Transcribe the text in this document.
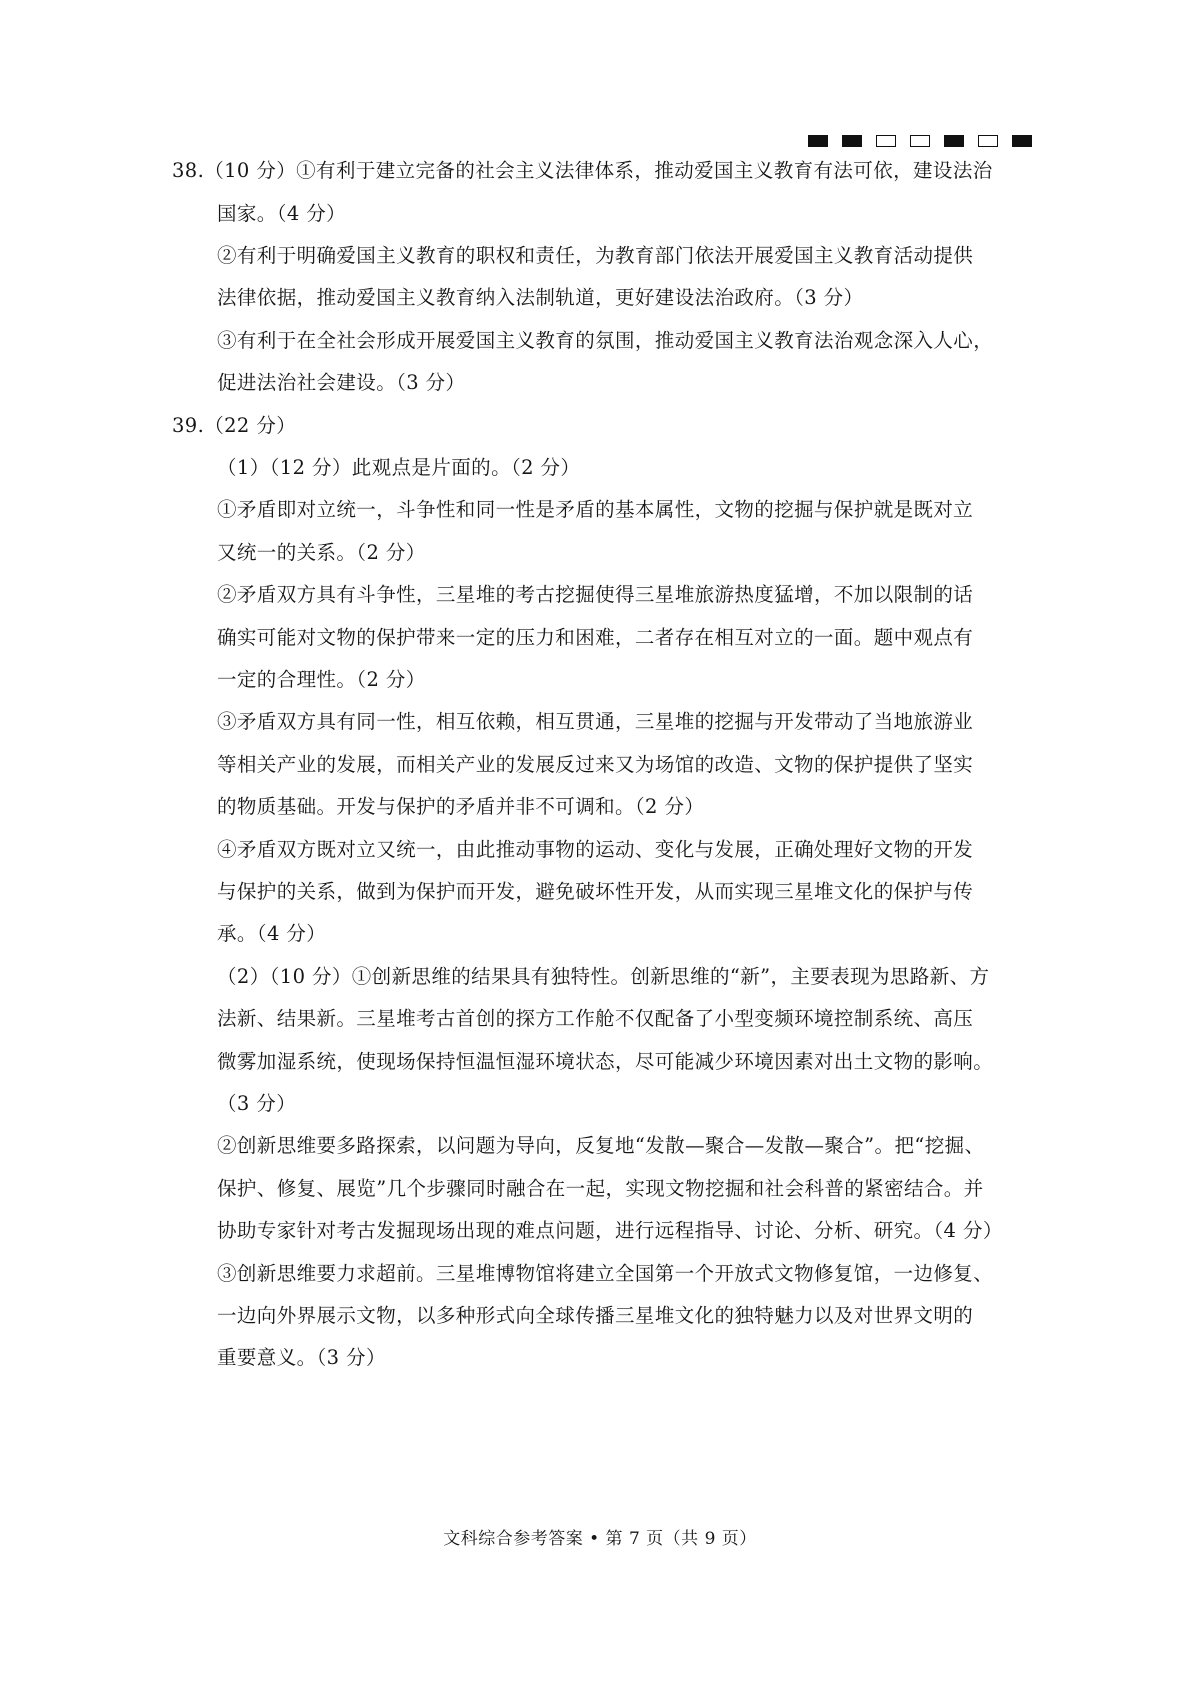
38.（10 分）①有利于建立完备的社会主义法律体系，推动爱国主义教育有法可依，建设法治
国家。（4 分）
②有利于明确爱国主义教育的职权和责任，为教育部门依法开展爱国主义教育活动提供
法律依据，推动爱国主义教育纳入法制轨道，更好建设法治政府。（3 分）
③有利于在全社会形成开展爱国主义教育的氛围，推动爱国主义教育法治观念深入人心，
促进法治社会建设。（3 分）
39.（22 分）
（1）（12 分）此观点是片面的。（2 分）
①矛盾即对立统一，斗争性和同一性是矛盾的基本属性，文物的挖掘与保护就是既对立
又统一的关系。（2 分）
②矛盾双方具有斗争性，三星堆的考古挖掘使得三星堆旅游热度猛增，不加以限制的话
确实可能对文物的保护带来一定的压力和困难，二者存在相互对立的一面。题中观点有
一定的合理性。（2 分）
③矛盾双方具有同一性，相互依赖，相互贯通，三星堆的挖掘与开发带动了当地旅游业
等相关产业的发展，而相关产业的发展反过来又为场馆的改造、文物的保护提供了坚实
的物质基础。开发与保护的矛盾并非不可调和。（2 分）
④矛盾双方既对立又统一，由此推动事物的运动、变化与发展，正确处理好文物的开发
与保护的关系，做到为保护而开发，避免破坏性开发，从而实现三星堆文化的保护与传
承。（4 分）
（2）（10 分）①创新思维的结果具有独特性。创新思维的“新”，主要表现为思路新、方
法新、结果新。三星堆考古首创的探方工作舱不仅配备了小型变频环境控制系统、高压
微雾加湿系统，使现场保持恒温恒湿环境状态，尽可能减少环境因素对出土文物的影响。
（3 分）
②创新思维要多路探索，以问题为导向，反复地“发散—聚合—发散—聚合”。把“挖掘、
保护、修复、展览”几个步骤同时融合在一起，实现文物挖掘和社会科普的紧密结合。并
协助专家针对考古发掘现场出现的难点问题，进行远程指导、讨论、分析、研究。（4 分）
③创新思维要力求超前。三星堆博物馆将建立全国第一个开放式文物修复馆，一边修复、
一边向外界展示文物，以多种形式向全球传播三星堆文化的独特魅力以及对世界文明的
重要意义。（3 分）
文科综合参考答案 • 第 7 页（共 9 页）
